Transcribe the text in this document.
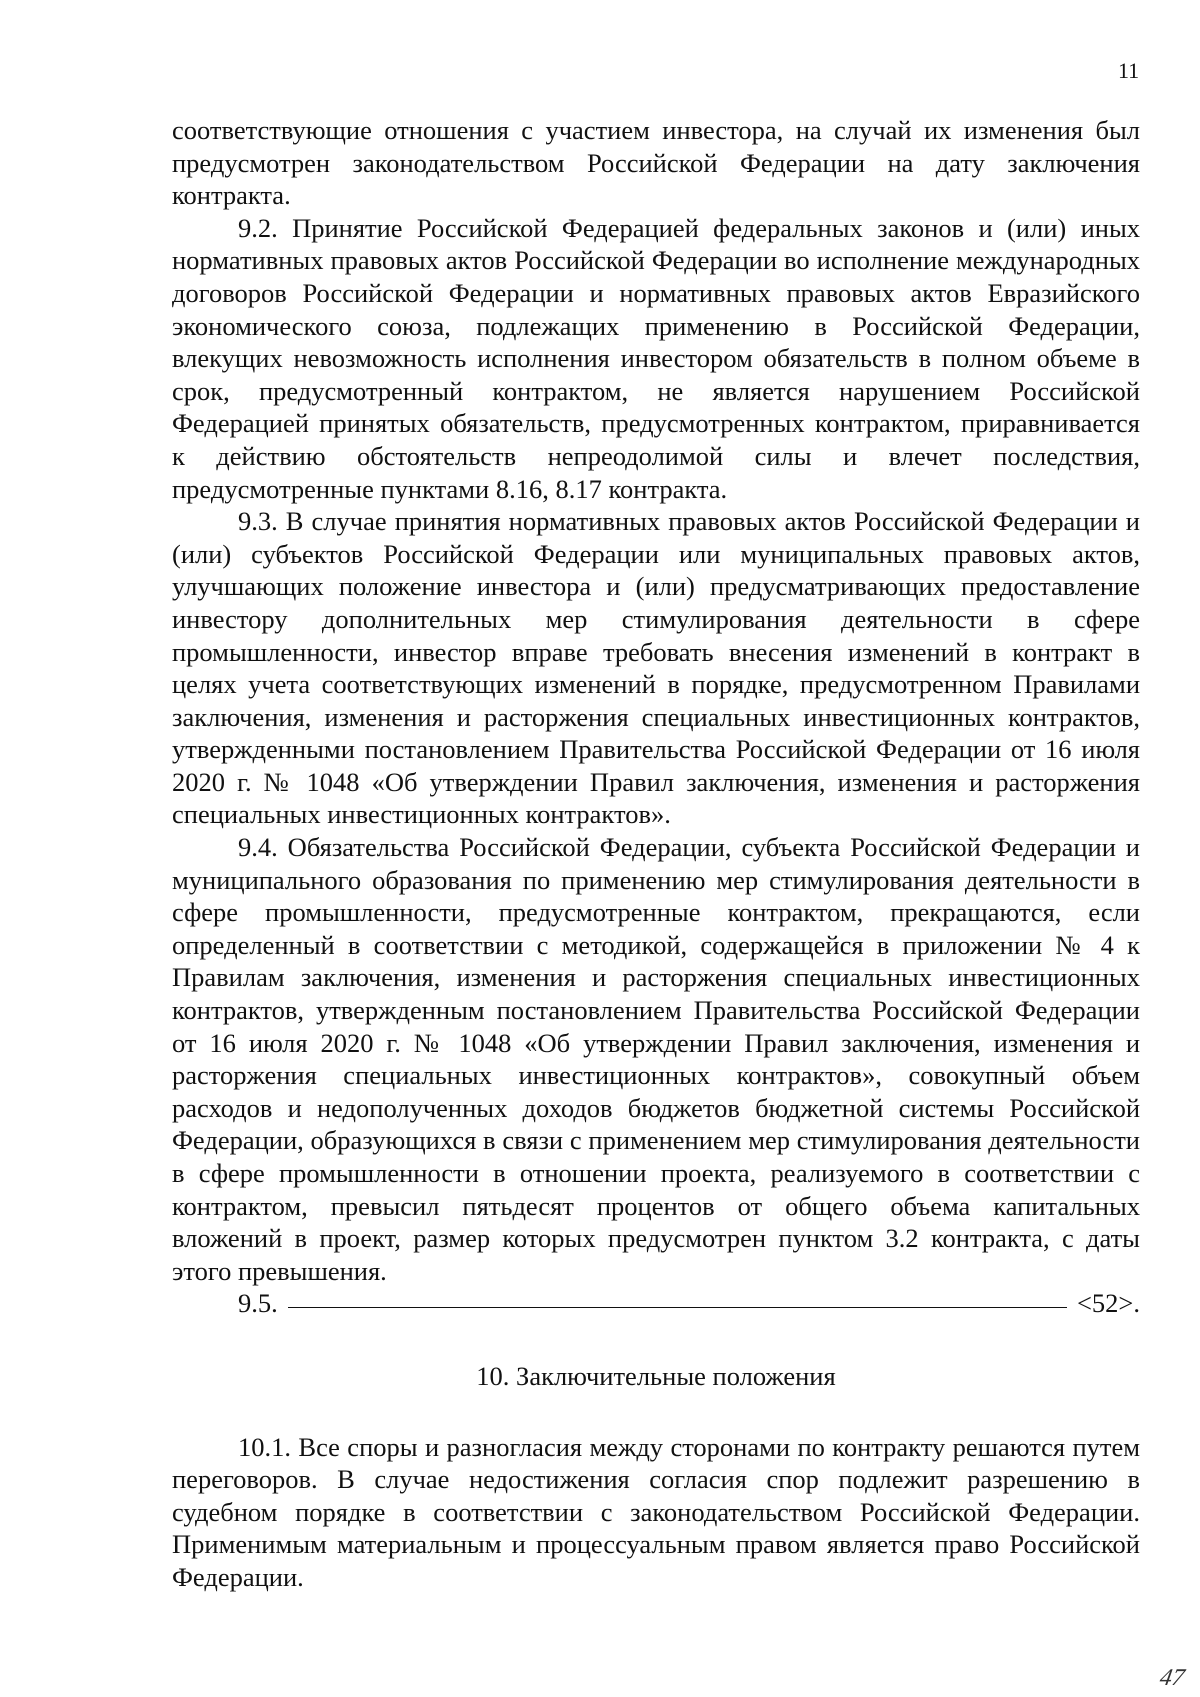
11

соответствующие отношения с участием инвестора, на случай их изменения был предусмотрен законодательством Российской Федерации на дату заключения контракта.

9.2. Принятие Российской Федерацией федеральных законов и (или) иных нормативных правовых актов Российской Федерации во исполнение международных договоров Российской Федерации и нормативных правовых актов Евразийского экономического союза, подлежащих применению в Российской Федерации, влекущих невозможность исполнения инвестором обязательств в полном объеме в срок, предусмотренный контрактом, не является нарушением Российской Федерацией принятых обязательств, предусмотренных контрактом, приравнивается к действию обстоятельств непреодолимой силы и влечет последствия, предусмотренные пунктами 8.16, 8.17 контракта.

9.3. В случае принятия нормативных правовых актов Российской Федерации и (или) субъектов Российской Федерации или муниципальных правовых актов, улучшающих положение инвестора и (или) предусматривающих предоставление инвестору дополнительных мер стимулирования деятельности в сфере промышленности, инвестор вправе требовать внесения изменений в контракт в целях учета соответствующих изменений в порядке, предусмотренном Правилами заключения, изменения и расторжения специальных инвестиционных контрактов, утвержденными постановлением Правительства Российской Федерации от 16 июля 2020 г. № 1048 «Об утверждении Правил заключения, изменения и расторжения специальных инвестиционных контрактов».

9.4. Обязательства Российской Федерации, субъекта Российской Федерации и муниципального образования по применению мер стимулирования деятельности в сфере промышленности, предусмотренные контрактом, прекращаются, если определенный в соответствии с методикой, содержащейся в приложении № 4 к Правилам заключения, изменения и расторжения специальных инвестиционных контрактов, утвержденным постановлением Правительства Российской Федерации от 16 июля 2020 г. № 1048 «Об утверждении Правил заключения, изменения и расторжения специальных инвестиционных контрактов», совокупный объем расходов и недополученных доходов бюджетов бюджетной системы Российской Федерации, образующихся в связи с применением мер стимулирования деятельности в сфере промышленности в отношении проекта, реализуемого в соответствии с контрактом, превысил пятьдесят процентов от общего объема капитальных вложений в проект, размер которых предусмотрен пунктом 3.2 контракта, с даты этого превышения.

9.5.	<52>.

10. Заключительные положения

10.1. Все споры и разногласия между сторонами по контракту решаются путем переговоров. В случае недостижения согласия спор подлежит разрешению в судебном порядке в соответствии с законодательством Российской Федерации. Применимым материальным и процессуальным правом является право Российской Федерации.

47
